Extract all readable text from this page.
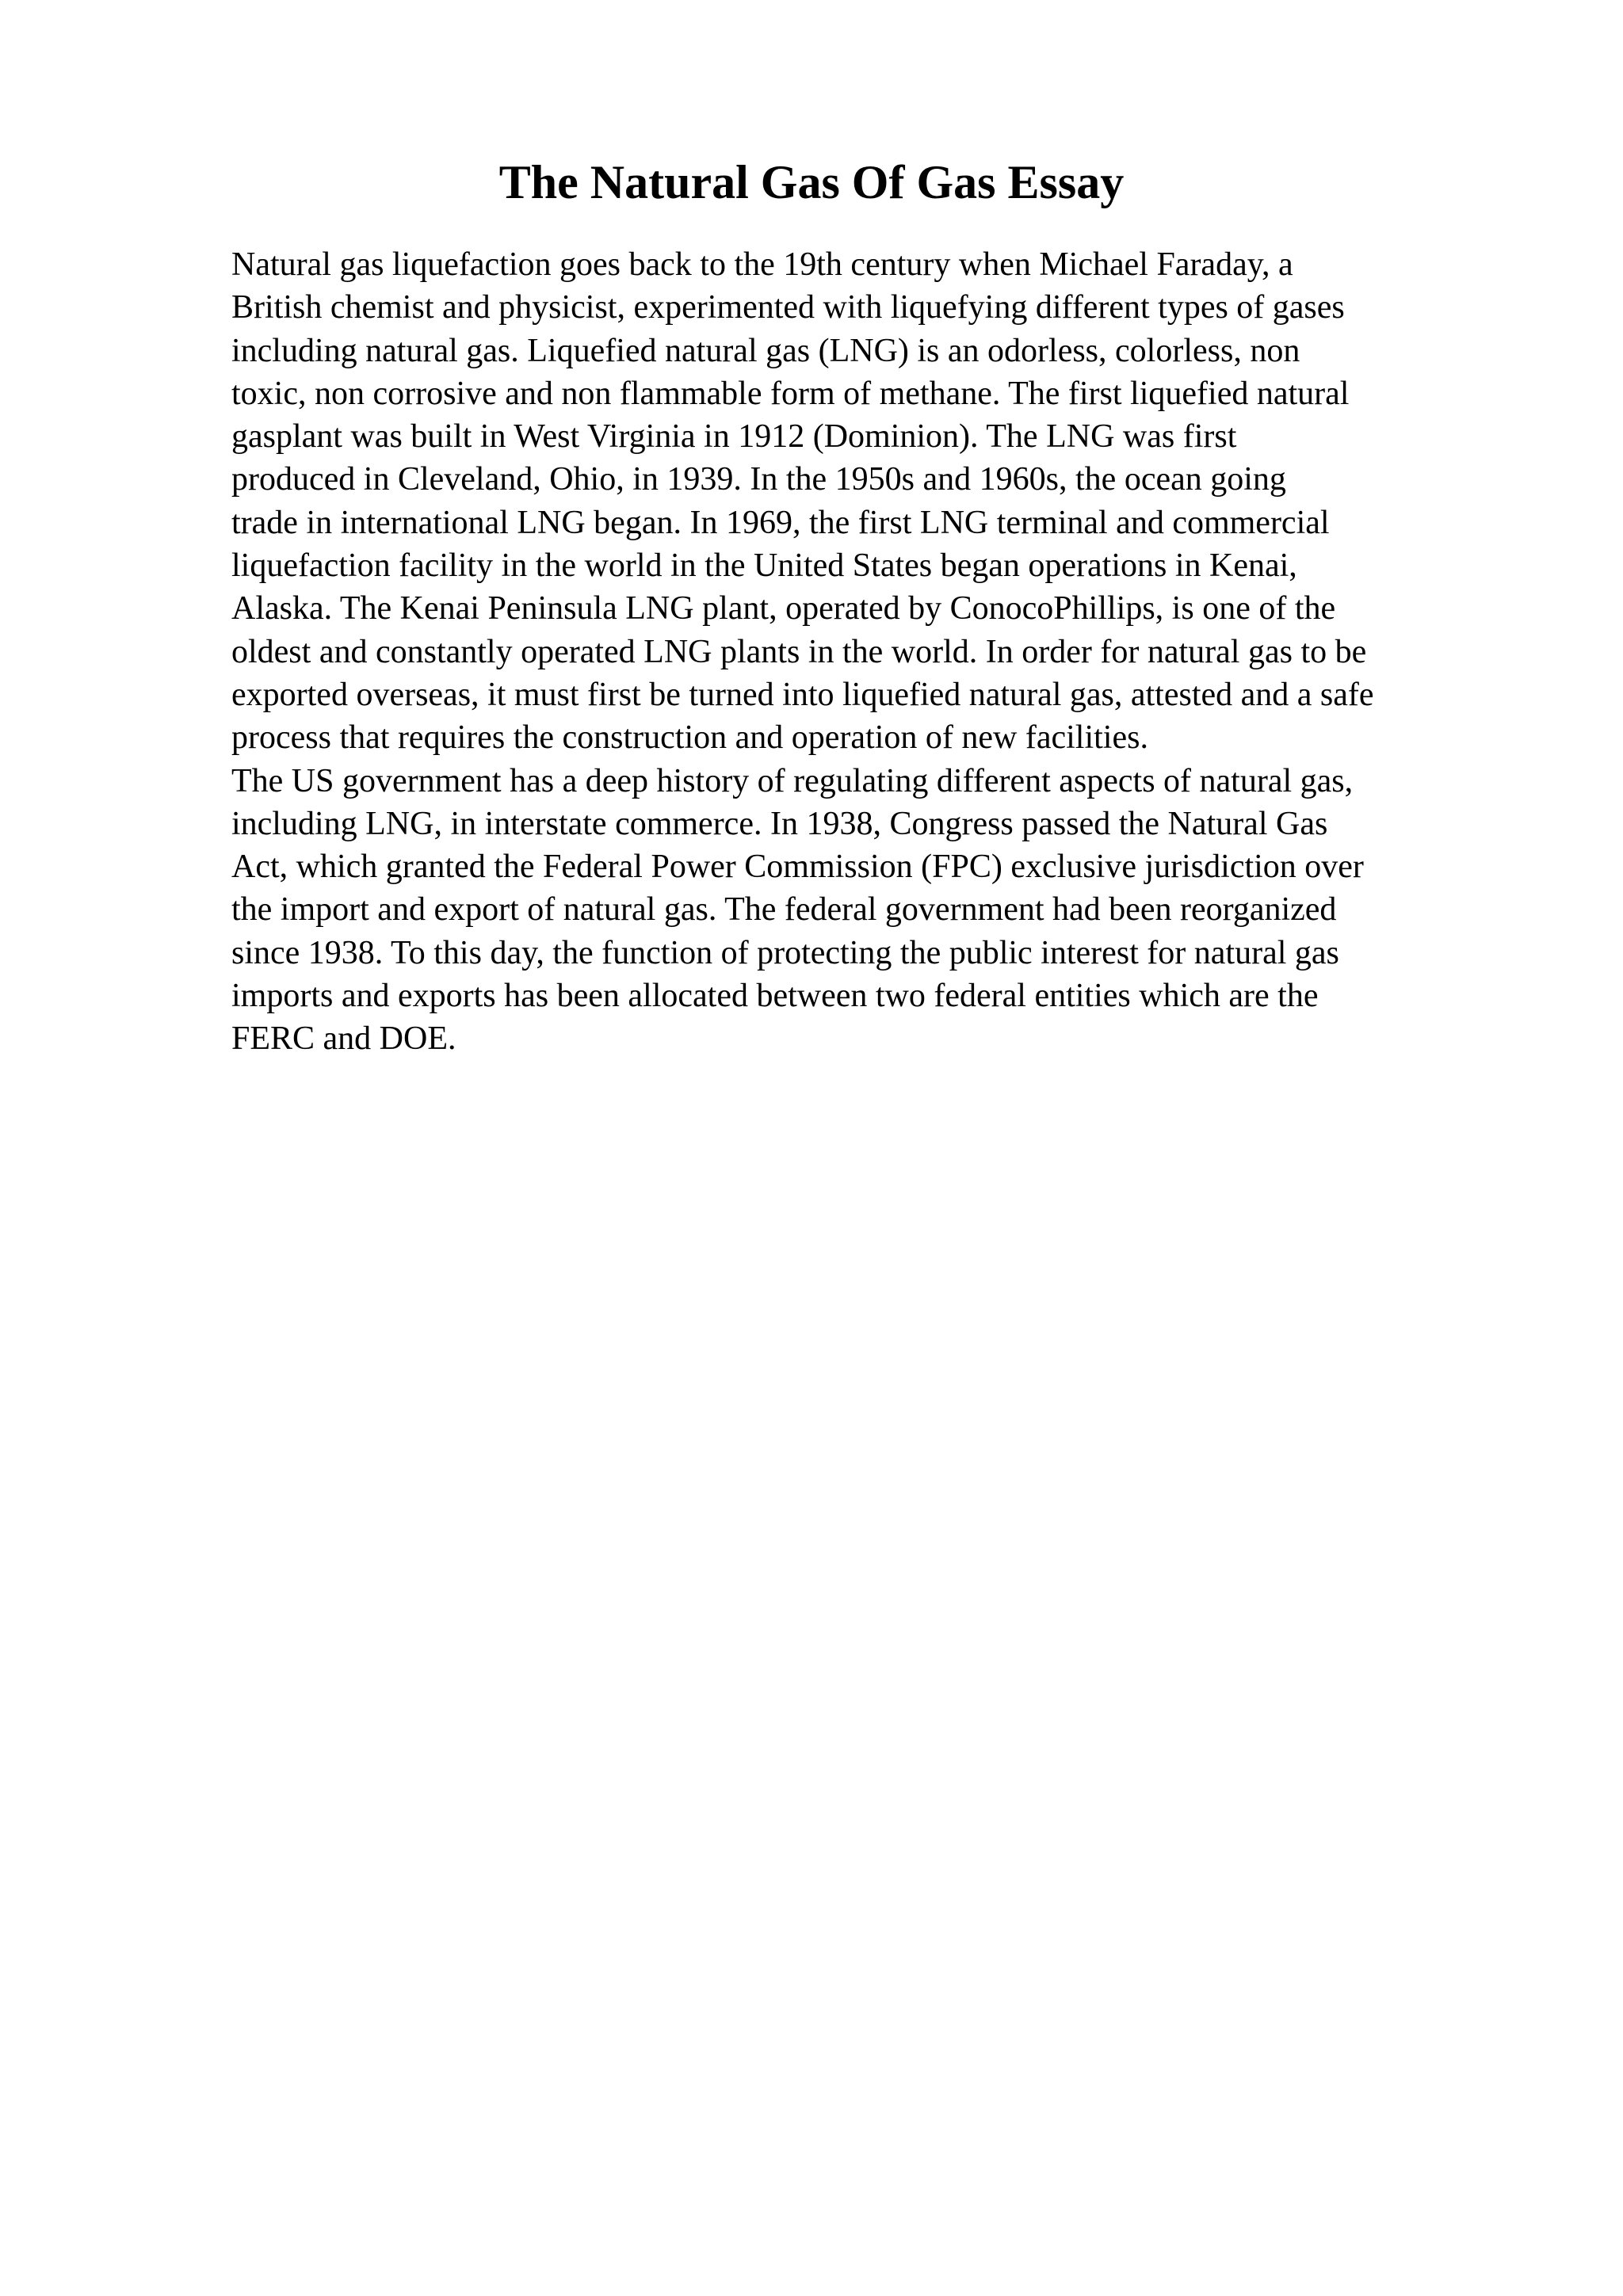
The Natural Gas Of Gas Essay
Natural gas liquefaction goes back to the 19th century when Michael Faraday, a
British chemist and physicist, experimented with liquefying different types of gases
including natural gas. Liquefied natural gas (LNG) is an odorless, colorless, non
toxic, non corrosive and non flammable form of methane. The first liquefied natural
gasplant was built in West Virginia in 1912 (Dominion). The LNG was first
produced in Cleveland, Ohio, in 1939. In the 1950s and 1960s, the ocean going
trade in international LNG began. In 1969, the first LNG terminal and commercial
liquefaction facility in the world in the United States began operations in Kenai,
Alaska. The Kenai Peninsula LNG plant, operated by ConocoPhillips, is one of the
oldest and constantly operated LNG plants in the world. In order for natural gas to be
exported overseas, it must first be turned into liquefied natural gas, attested and a safe
process that requires the construction and operation of new facilities.
The US government has a deep history of regulating different aspects of natural gas,
including LNG, in interstate commerce. In 1938, Congress passed the Natural Gas
Act, which granted the Federal Power Commission (FPC) exclusive jurisdiction over
the import and export of natural gas. The federal government had been reorganized
since 1938. To this day, the function of protecting the public interest for natural gas
imports and exports has been allocated between two federal entities which are the
FERC and DOE.
